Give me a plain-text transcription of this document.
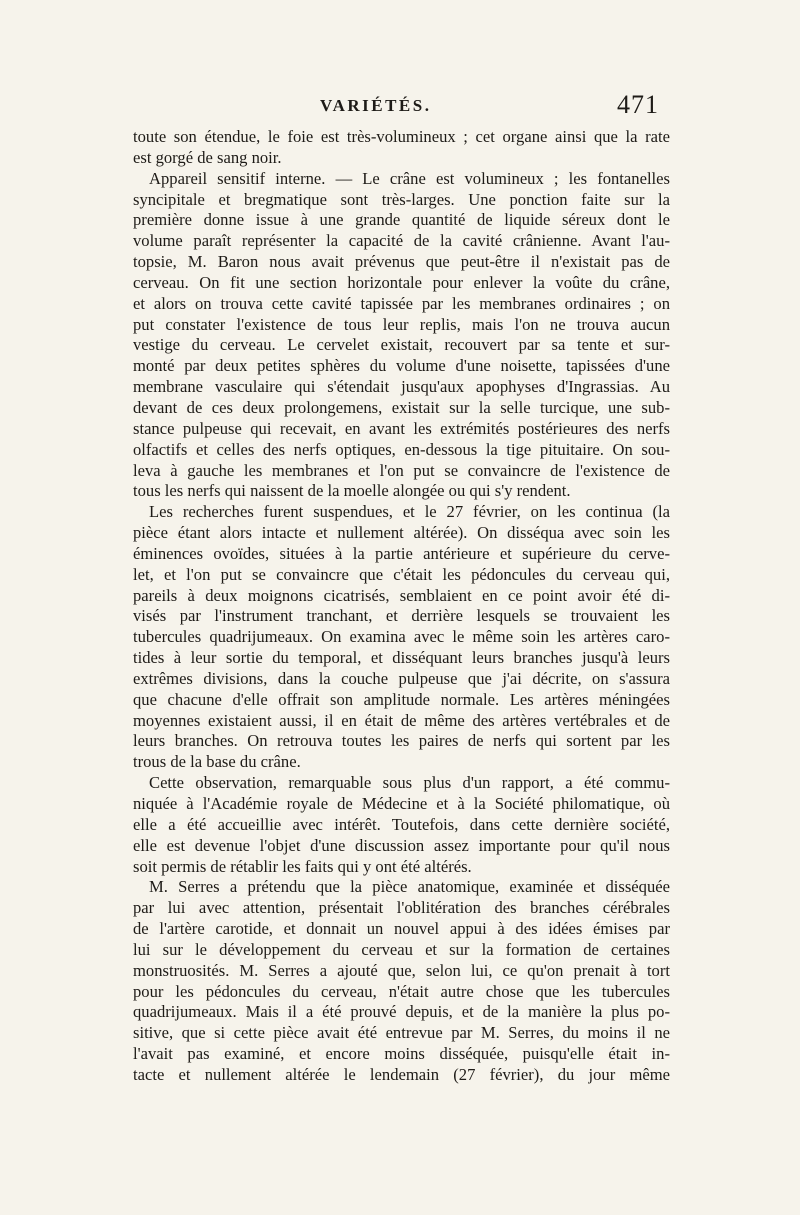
VARIÉTÉS.	471
toute son étendue, le foie est très-volumineux ; cet organe ainsi que la rate
est gorgé de sang noir.
Appareil sensitif interne. — Le crâne est volumineux ; les fontanelles
syncipitale et bregmatique sont très-larges. Une ponction faite sur la
première donne issue à une grande quantité de liquide séreux dont le
volume paraît représenter la capacité de la cavité crânienne. Avant l'au-
topsie, M. Baron nous avait prévenus que peut-être il n'existait pas de
cerveau. On fit une section horizontale pour enlever la voûte du crâne,
et alors on trouva cette cavité tapissée par les membranes ordinaires ; on
put constater l'existence de tous leur replis, mais l'on ne trouva aucun
vestige du cerveau. Le cervelet existait, recouvert par sa tente et sur-
monté par deux petites sphères du volume d'une noisette, tapissées d'une
membrane vasculaire qui s'étendait jusqu'aux apophyses d'Ingrassias. Au
devant de ces deux prolongemens, existait sur la selle turcique, une sub-
stance pulpeuse qui recevait, en avant les extrémités postérieures des nerfs
olfactifs et celles des nerfs optiques, en-dessous la tige pituitaire. On sou-
leva à gauche les membranes et l'on put se convaincre de l'existence de
tous les nerfs qui naissent de la moelle alongée ou qui s'y rendent.
Les recherches furent suspendues, et le 27 février, on les continua (la
pièce étant alors intacte et nullement altérée). On disséqua avec soin les
éminences ovoïdes, situées à la partie antérieure et supérieure du cerve-
let, et l'on put se convaincre que c'était les pédoncules du cerveau qui,
pareils à deux moignons cicatrisés, semblaient en ce point avoir été di-
visés par l'instrument tranchant, et derrière lesquels se trouvaient les
tubercules quadrijumeaux. On examina avec le même soin les artères caro-
tides à leur sortie du temporal, et disséquant leurs branches jusqu'à leurs
extrêmes divisions, dans la couche pulpeuse que j'ai décrite, on s'assura
que chacune d'elle offrait son amplitude normale. Les artères méningées
moyennes existaient aussi, il en était de même des artères vertébrales et de
leurs branches. On retrouva toutes les paires de nerfs qui sortent par les
trous de la base du crâne.
Cette observation, remarquable sous plus d'un rapport, a été commu-
niquée à l'Académie royale de Médecine et à la Société philomatique, où
elle a été accueillie avec intérêt. Toutefois, dans cette dernière société,
elle est devenue l'objet d'une discussion assez importante pour qu'il nous
soit permis de rétablir les faits qui y ont été altérés.
M. Serres a prétendu que la pièce anatomique, examinée et disséquée
par lui avec attention, présentait l'oblitération des branches cérébrales
de l'artère carotide, et donnait un nouvel appui à des idées émises par
lui sur le développement du cerveau et sur la formation de certaines
monstruosités. M. Serres a ajouté que, selon lui, ce qu'on prenait à tort
pour les pédoncules du cerveau, n'était autre chose que les tubercules
quadrijumeaux. Mais il a été prouvé depuis, et de la manière la plus po-
sitive, que si cette pièce avait été entrevue par M. Serres, du moins il ne
l'avait pas examiné, et encore moins disséquée, puisqu'elle était in-
tacte et nullement altérée le lendemain (27 février), du jour même
